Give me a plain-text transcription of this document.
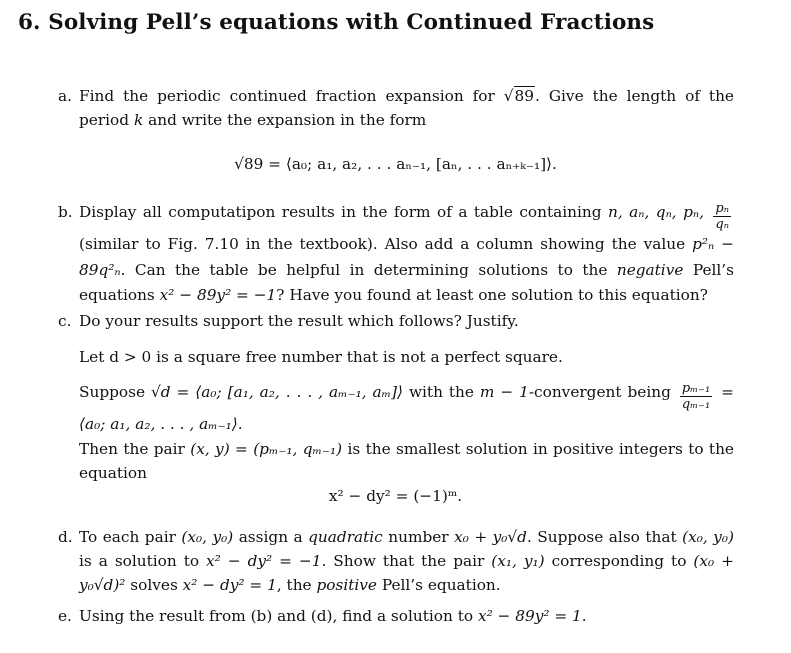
6. Solving Pell’s equations with Continued Fractions
a. Find the periodic continued fraction expansion for √89. Give the length of the period k and write the expansion in the form
√89 = ⟨a₀; a₁, a₂, . . . aₙ₋₁, [aₙ, . . . aₙ₊ₖ₋₁]⟩.
b. Display all computatipon results in the form of a table containing n, aₙ, qₙ, pₙ, $\frac{\text{pₙ}}{\text{qₙ}}$
(similar to Fig. 7.10 in the textbook). Also add a column showing the value p²ₙ − 89q²ₙ. Can the table be helpful in determining solutions to the negative Pell’s equations x² − 89y² = −1? Have you found at least one solution to this equation?
c. Do your results support the result which follows? Justify.
Let d > 0 is a square free number that is not a perfect square.
Suppose √d = ⟨a₀; [a₁, a₂, . . . , aₘ₋₁, aₘ]⟩ with the m − 1-convergent being $\frac{\text{pₘ₋₁}}{\text{qₘ₋₁}}$ = ⟨a₀; a₁, a₂, . . . , aₘ₋₁⟩.
Then the pair (x, y) = (pₘ₋₁, qₘ₋₁) is the smallest solution in positive integers to the equation
x² − dy² = (−1)ᵐ.
d. To each pair (x₀, y₀) assign a quadratic number x₀ + y₀√d. Suppose also that (x₀, y₀) is a solution to x² − dy² = −1. Show that the pair (x₁, y₁) corresponding to (x₀ + y₀√d)² solves x² − dy² = 1, the positive Pell’s equation.
e. Using the result from (b) and (d), find a solution to x² − 89y² = 1.
